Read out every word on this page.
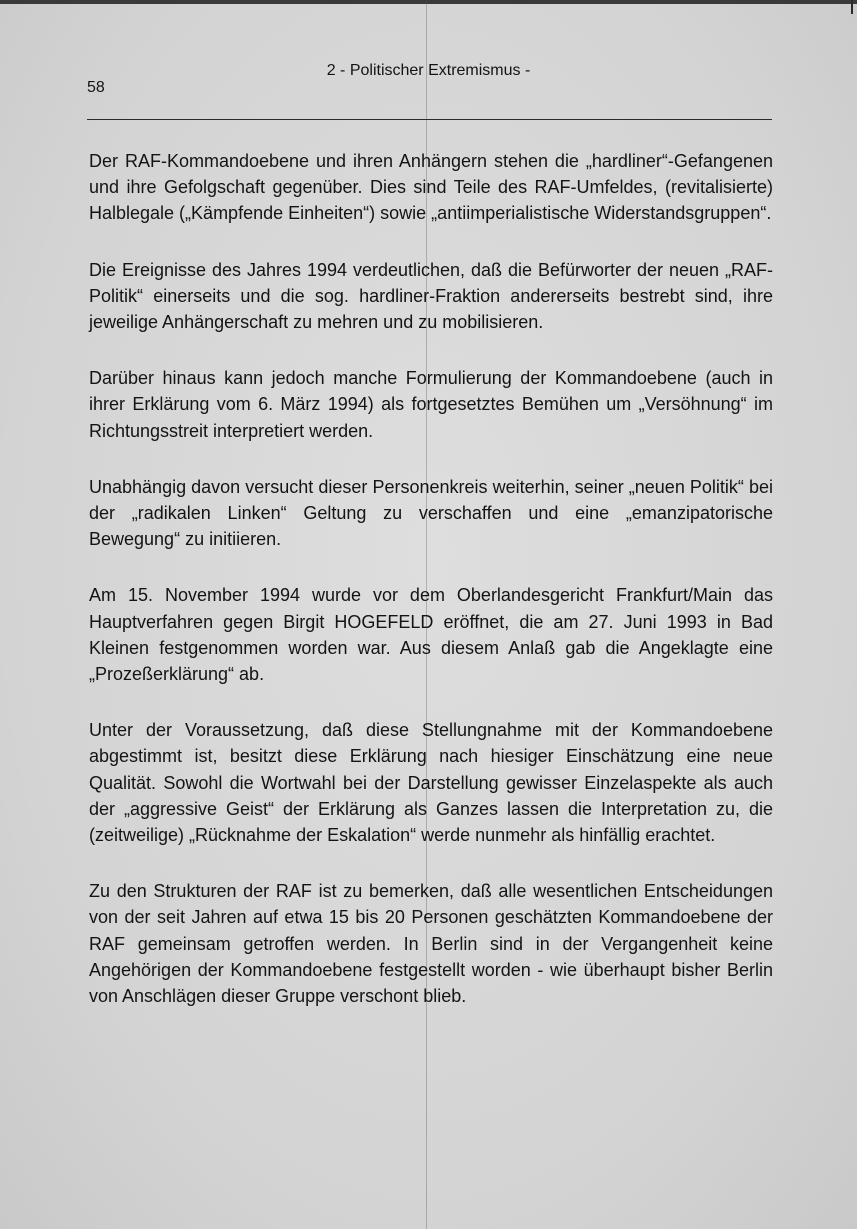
2 - Politischer Extremismus -

58

Der RAF-Kommandoebene und ihren Anhängern stehen die „hardliner“-Gefangenen und ihre Gefolgschaft gegenüber. Dies sind Teile des RAF-Umfeldes, (revitalisierte) Halblegale („Kämpfende Einheiten“) sowie „antiimperialistische Widerstandsgruppen“.

Die Ereignisse des Jahres 1994 verdeutlichen, daß die Befürworter der neuen „RAF-Politik“ einerseits und die sog. hardliner-Fraktion andererseits bestrebt sind, ihre jeweilige Anhängerschaft zu mehren und zu mobilisieren.

Darüber hinaus kann jedoch manche Formulierung der Kommandoebene (auch in ihrer Erklärung vom 6. März 1994) als fortgesetztes Bemühen um „Versöhnung“ im Richtungsstreit interpretiert werden.

Unabhängig davon versucht dieser Personenkreis weiterhin, seiner „neuen Politik“ bei der „radikalen Linken“ Geltung zu verschaffen und eine „emanzipatorische Bewegung“ zu initiieren.

Am 15. November 1994 wurde vor dem Oberlandesgericht Frankfurt/Main das Hauptverfahren gegen Birgit HOGEFELD eröffnet, die am 27. Juni 1993 in Bad Kleinen festgenommen worden war. Aus diesem Anlaß gab die Angeklagte eine „Prozeßerklärung“ ab.

Unter der Voraussetzung, daß diese Stellungnahme mit der Kommandoebene abgestimmt ist, besitzt diese Erklärung nach hiesiger Einschätzung eine neue Qualität. Sowohl die Wortwahl bei der Darstellung gewisser Einzelaspekte als auch der „aggressive Geist“ der Erklärung als Ganzes lassen die Interpretation zu, die (zeitweilige) „Rücknahme der Eskalation“ werde nunmehr als hinfällig erachtet.

Zu den Strukturen der RAF ist zu bemerken, daß alle wesentlichen Entscheidungen von der seit Jahren auf etwa 15 bis 20 Personen geschätzten Kommandoebene der RAF gemeinsam getroffen werden. In Berlin sind in der Vergangenheit keine Angehörigen der Kommandoebene festgestellt worden - wie überhaupt bisher Berlin von Anschlägen dieser Gruppe verschont blieb.
